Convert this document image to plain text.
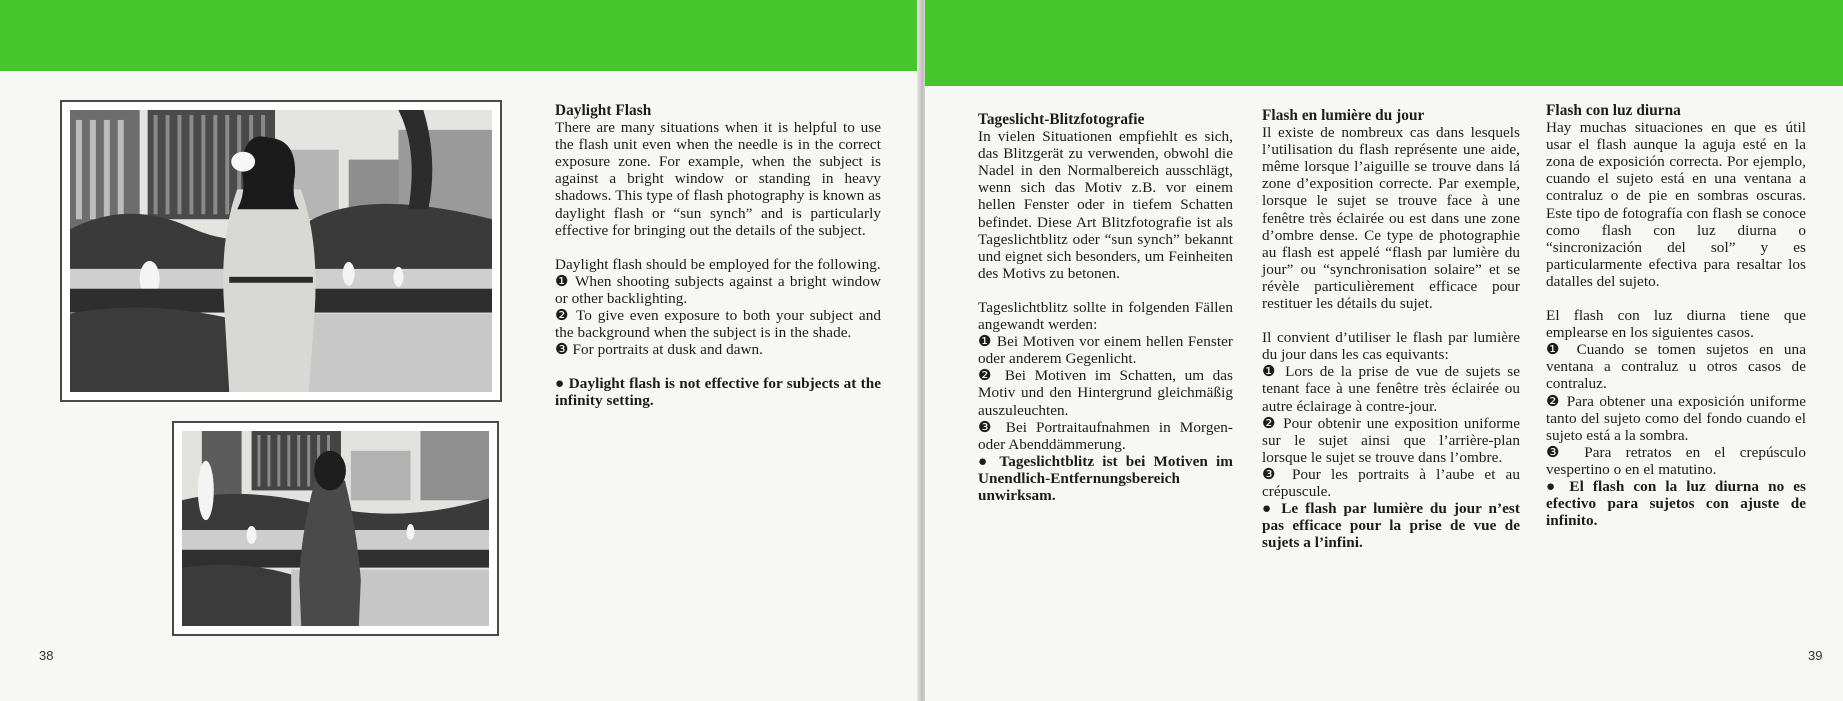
Daylight Flash

There are many situations when it is helpful to use the flash unit even when the needle is in the correct exposure zone. For example, when the subject is against a bright window or standing in heavy shadows. This type of flash photography is known as daylight flash or “sun synch” and is particularly effective for bringing out the details of the subject.

Daylight flash should be employed for the following.

❶ When shooting subjects against a bright window or other backlighting.

❷ To give even exposure to both your subject and the background when the subject is in the shade.

❸ For portraits at dusk and dawn.

● Daylight flash is not effective for subjects at the infinity setting.

38

Tageslicht-Blitzfotografie

In vielen Situationen empfiehlt es sich, das Blitzgerät zu verwenden, obwohl die Nadel in den Normalbereich ausschlägt, wenn sich das Motiv z.B. vor einem hellen Fenster oder in tiefem Schatten befindet. Diese Art Blitzfotografie ist als Tageslichtblitz oder “sun synch” bekannt und eignet sich besonders, um Feinheiten des Motivs zu betonen.

Tageslichtblitz sollte in folgenden Fällen angewandt werden:

❶ Bei Motiven vor einem hellen Fenster oder anderem Gegenlicht.

❷ Bei Motiven im Schatten, um das Motiv und den Hintergrund gleichmäßig auszuleuchten.

❸ Bei Portraitaufnahmen in Morgen-oder Abenddämmerung.

● Tageslichtblitz ist bei Motiven im Unendlich-Entfernungsbereich unwirksam.

Flash en lumière du jour

Il existe de nombreux cas dans lesquels l’utilisation du flash représente une aide, même lorsque l’aiguille se trouve dans lá zone d’exposition correcte. Par exemple, lorsque le sujet se trouve face à une fenêtre très éclairée ou est dans une zone d’ombre dense. Ce type de photographie au flash est appelé “flash par lumière du jour” ou “synchronisation solaire” et se révèle particulièrement efficace pour restituer les détails du sujet.

Il convient d’utiliser le flash par lumière du jour dans les cas equivants:

❶ Lors de la prise de vue de sujets se tenant face à une fenêtre très éclairée ou autre éclairage à contre-jour.

❷ Pour obtenir une exposition uniforme sur le sujet ainsi que l’arrière-plan lorsque le sujet se trouve dans l’ombre.

❸ Pour les portraits à l’aube et au crépuscule.

● Le flash par lumière du jour n’est pas efficace pour la prise de vue de sujets a l’infini.

Flash con luz diurna

Hay muchas situaciones en que es útil usar el flash aunque la aguja esté en la zona de exposición correcta. Por ejemplo, cuando el sujeto está en una ventana a contraluz o de pie en sombras oscuras. Este tipo de fotografía con flash se conoce como flash con luz diurna o “sincronización del sol” y es particularmente efectiva para resaltar los datalles del sujeto.

El flash con luz diurna tiene que emplearse en los siguientes casos.

❶ Cuando se tomen sujetos en una ventana a contraluz u otros casos de contraluz.

❷ Para obtener una exposición uniforme tanto del sujeto como del fondo cuando el sujeto está a la sombra.

❸ Para retratos en el crepúsculo vespertino o en el matutino.

● El flash con la luz diurna no es efectivo para sujetos con ajuste de infinito.

39
